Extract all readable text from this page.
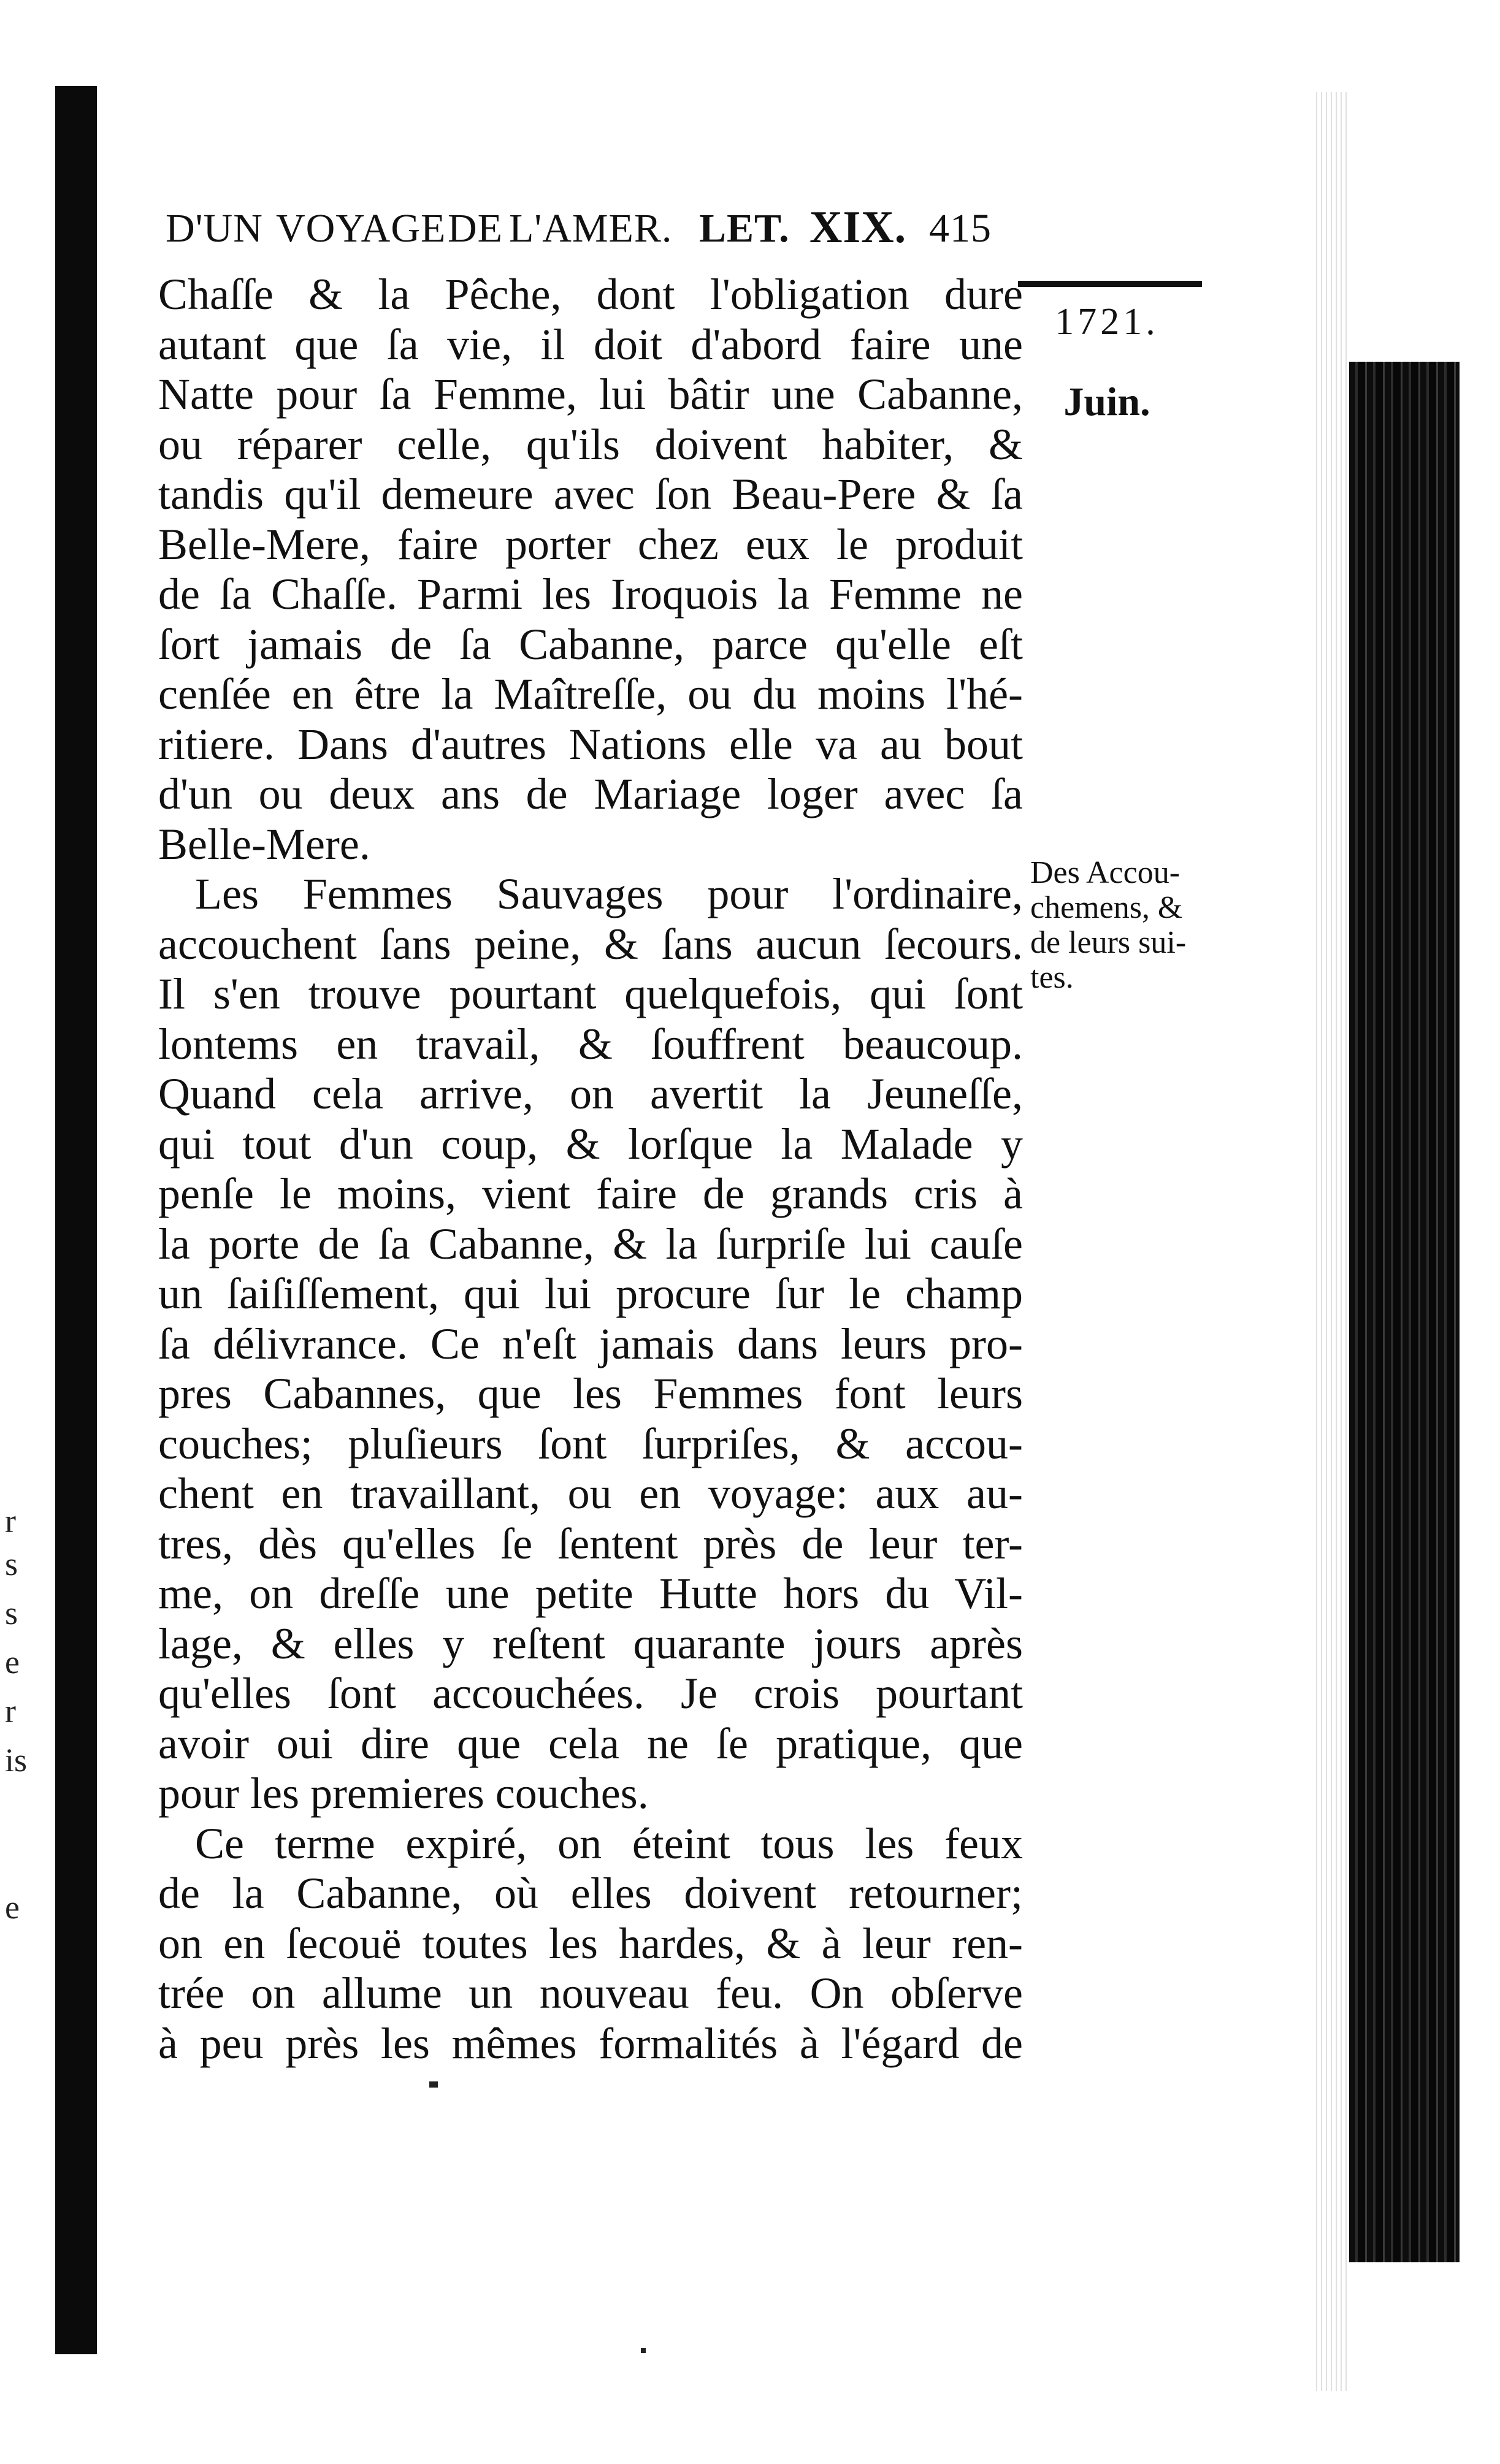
r
s
s
e
r
is
e
D'UN VOYAGE DE L'AMER. LET. XIX. 415
1721.
Juin.
Des Accou-
chemens, &
de leurs sui-
tes.
Chaſſe & la Pêche, dont l'obligation dure
autant que ſa vie, il doit d'abord faire une
Natte pour ſa Femme, lui bâtir une Cabanne,
ou réparer celle, qu'ils doivent habiter, &
tandis qu'il demeure avec ſon Beau-Pere & ſa
Belle-Mere, faire porter chez eux le produit
de ſa Chaſſe. Parmi les Iroquois la Femme ne
ſort jamais de ſa Cabanne, parce qu'elle eſt
cenſée en être la Maîtreſſe, ou du moins l'hé-
ritiere. Dans d'autres Nations elle va au bout
d'un ou deux ans de Mariage loger avec ſa
Belle-Mere.
Les Femmes Sauvages pour l'ordinaire,
accouchent ſans peine, & ſans aucun ſecours.
Il s'en trouve pourtant quelquefois, qui ſont
lontems en travail, & ſouffrent beaucoup.
Quand cela arrive, on avertit la Jeuneſſe,
qui tout d'un coup, & lorſque la Malade y
penſe le moins, vient faire de grands cris à
la porte de ſa Cabanne, & la ſurpriſe lui cauſe
un ſaiſiſſement, qui lui procure ſur le champ
ſa délivrance. Ce n'eſt jamais dans leurs pro-
pres Cabannes, que les Femmes font leurs
couches; pluſieurs ſont ſurpriſes, & accou-
chent en travaillant, ou en voyage: aux au-
tres, dès qu'elles ſe ſentent près de leur ter-
me, on dreſſe une petite Hutte hors du Vil-
lage, & elles y reſtent quarante jours après
qu'elles ſont accouchées. Je crois pourtant
avoir oui dire que cela ne ſe pratique, que
pour les premieres couches.
Ce terme expiré, on éteint tous les feux
de la Cabanne, où elles doivent retourner;
on en ſecouë toutes les hardes, & à leur ren-
trée on allume un nouveau feu. On obſerve
à peu près les mêmes formalités à l'égard de
